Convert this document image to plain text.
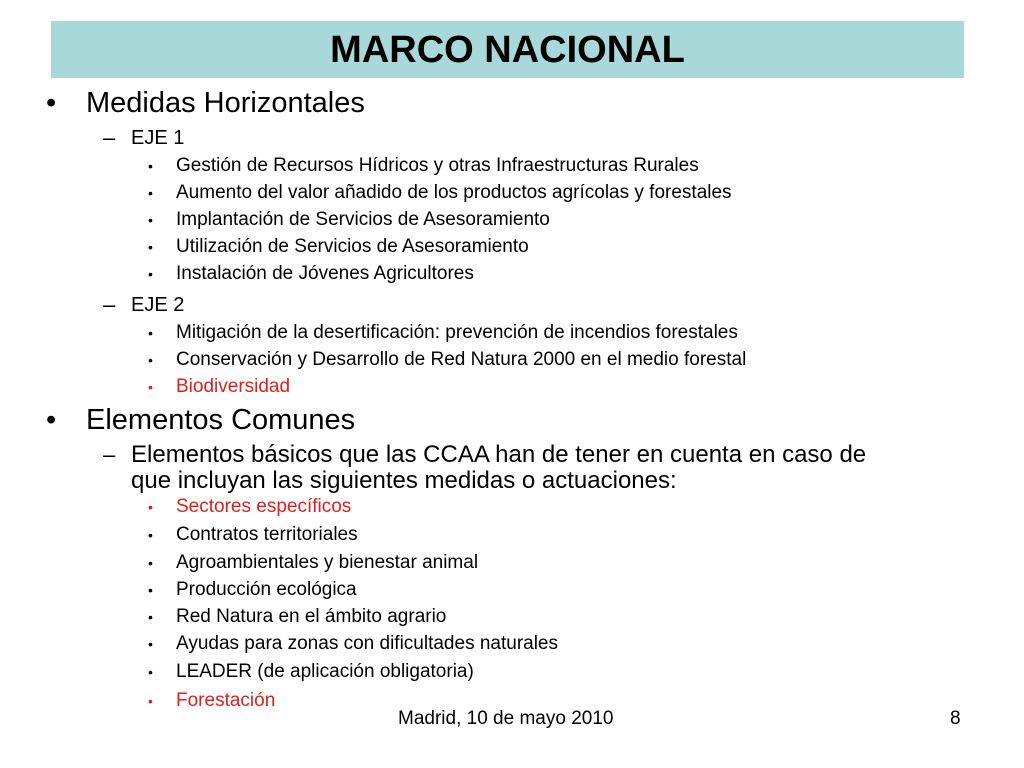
MARCO NACIONAL
• Medidas Horizontales
– EJE 1
• Gestión de Recursos Hídricos y otras Infraestructuras Rurales
• Aumento del valor añadido de los productos agrícolas y forestales
• Implantación de Servicios de Asesoramiento
• Utilización de Servicios de Asesoramiento
• Instalación de Jóvenes Agricultores
– EJE 2
• Mitigación de la desertificación: prevención de incendios forestales
• Conservación y Desarrollo de Red Natura 2000 en el medio forestal
• Biodiversidad
• Elementos Comunes
– Elementos básicos que las CCAA han de tener en cuenta en caso de
que incluyan las siguientes medidas o actuaciones:
• Sectores específicos
• Contratos territoriales
• Agroambientales y bienestar animal
• Producción ecológica
• Red Natura en el ámbito agrario
• Ayudas para zonas con dificultades naturales
• LEADER (de aplicación obligatoria)
• Forestación
Madrid, 10 de mayo 2010	8
